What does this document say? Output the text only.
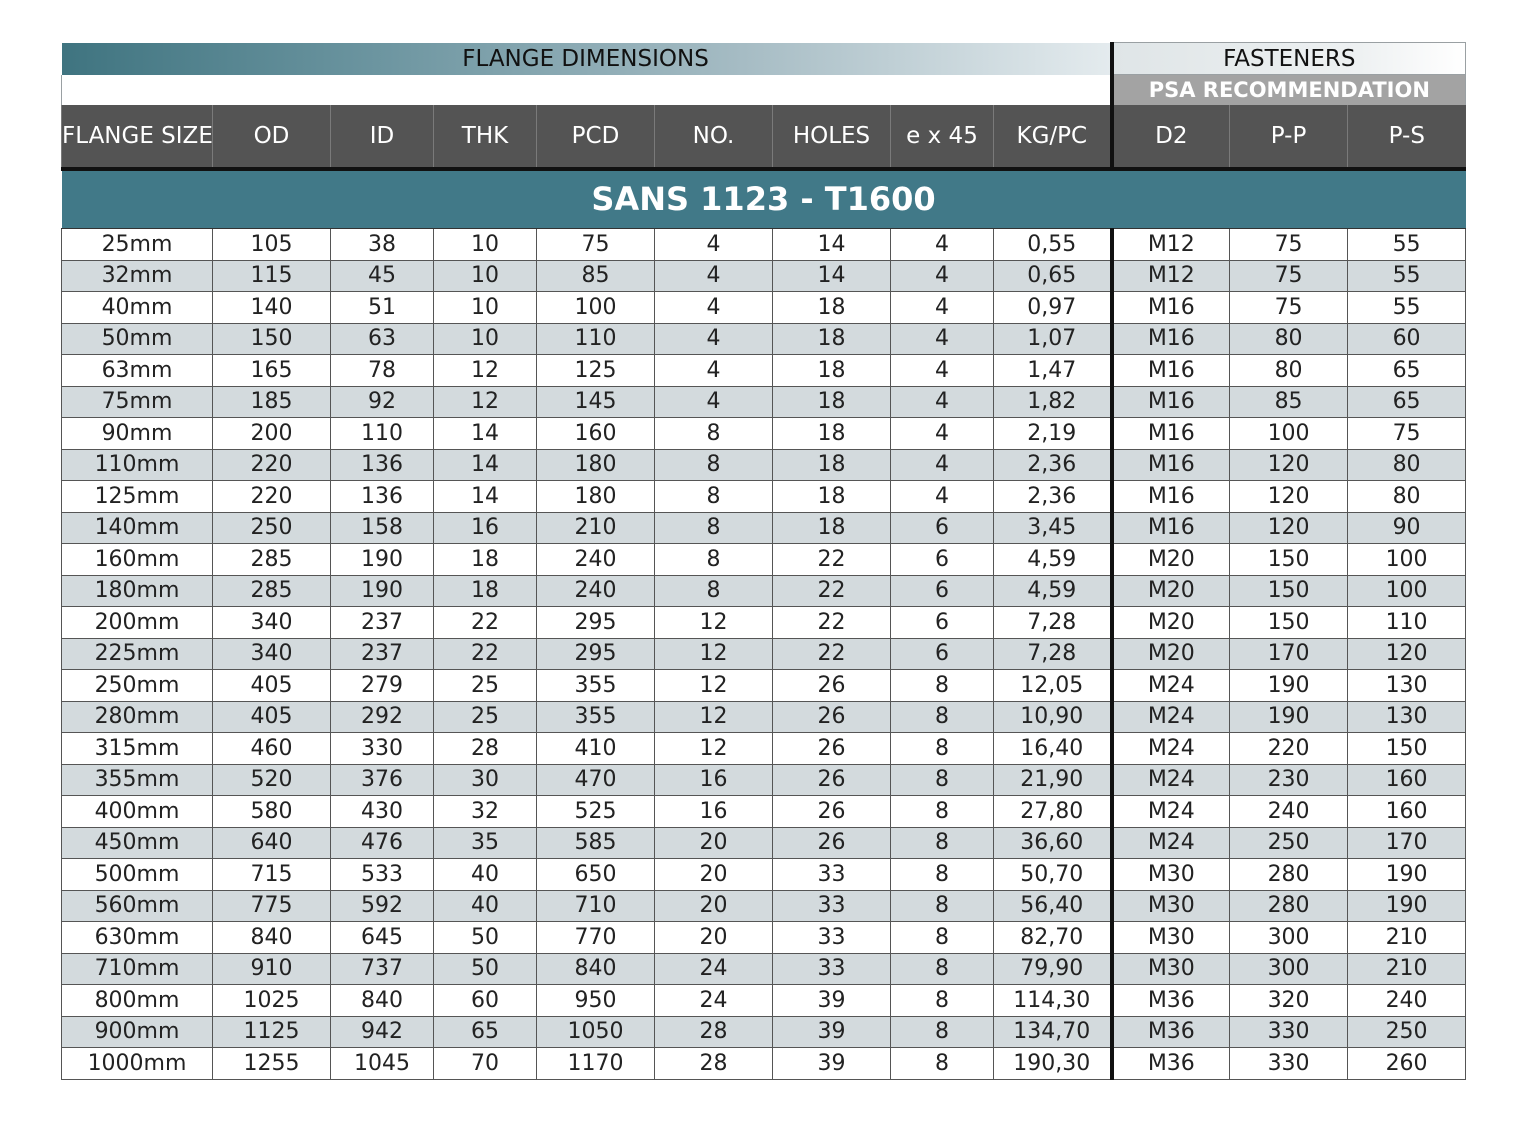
FLANGE DIMENSIONS									FASTENERS		
									PSA RECOMMENDATION		
FLANGE SIZE	OD	ID	THK	PCD	NO.	HOLES	e x 45	KG/PC	D2	P-P	P-S
SANS 1123 - T1600											
25mm	105	38	10	75	4	14	4	0,55	M12	75	55
32mm	115	45	10	85	4	14	4	0,65	M12	75	55
40mm	140	51	10	100	4	18	4	0,97	M16	75	55
50mm	150	63	10	110	4	18	4	1,07	M16	80	60
63mm	165	78	12	125	4	18	4	1,47	M16	80	65
75mm	185	92	12	145	4	18	4	1,82	M16	85	65
90mm	200	110	14	160	8	18	4	2,19	M16	100	75
110mm	220	136	14	180	8	18	4	2,36	M16	120	80
125mm	220	136	14	180	8	18	4	2,36	M16	120	80
140mm	250	158	16	210	8	18	6	3,45	M16	120	90
160mm	285	190	18	240	8	22	6	4,59	M20	150	100
180mm	285	190	18	240	8	22	6	4,59	M20	150	100
200mm	340	237	22	295	12	22	6	7,28	M20	150	110
225mm	340	237	22	295	12	22	6	7,28	M20	170	120
250mm	405	279	25	355	12	26	8	12,05	M24	190	130
280mm	405	292	25	355	12	26	8	10,90	M24	190	130
315mm	460	330	28	410	12	26	8	16,40	M24	220	150
355mm	520	376	30	470	16	26	8	21,90	M24	230	160
400mm	580	430	32	525	16	26	8	27,80	M24	240	160
450mm	640	476	35	585	20	26	8	36,60	M24	250	170
500mm	715	533	40	650	20	33	8	50,70	M30	280	190
560mm	775	592	40	710	20	33	8	56,40	M30	280	190
630mm	840	645	50	770	20	33	8	82,70	M30	300	210
710mm	910	737	50	840	24	33	8	79,90	M30	300	210
800mm	1025	840	60	950	24	39	8	114,30	M36	320	240
900mm	1125	942	65	1050	28	39	8	134,70	M36	330	250
1000mm	1255	1045	70	1170	28	39	8	190,30	M36	330	260
